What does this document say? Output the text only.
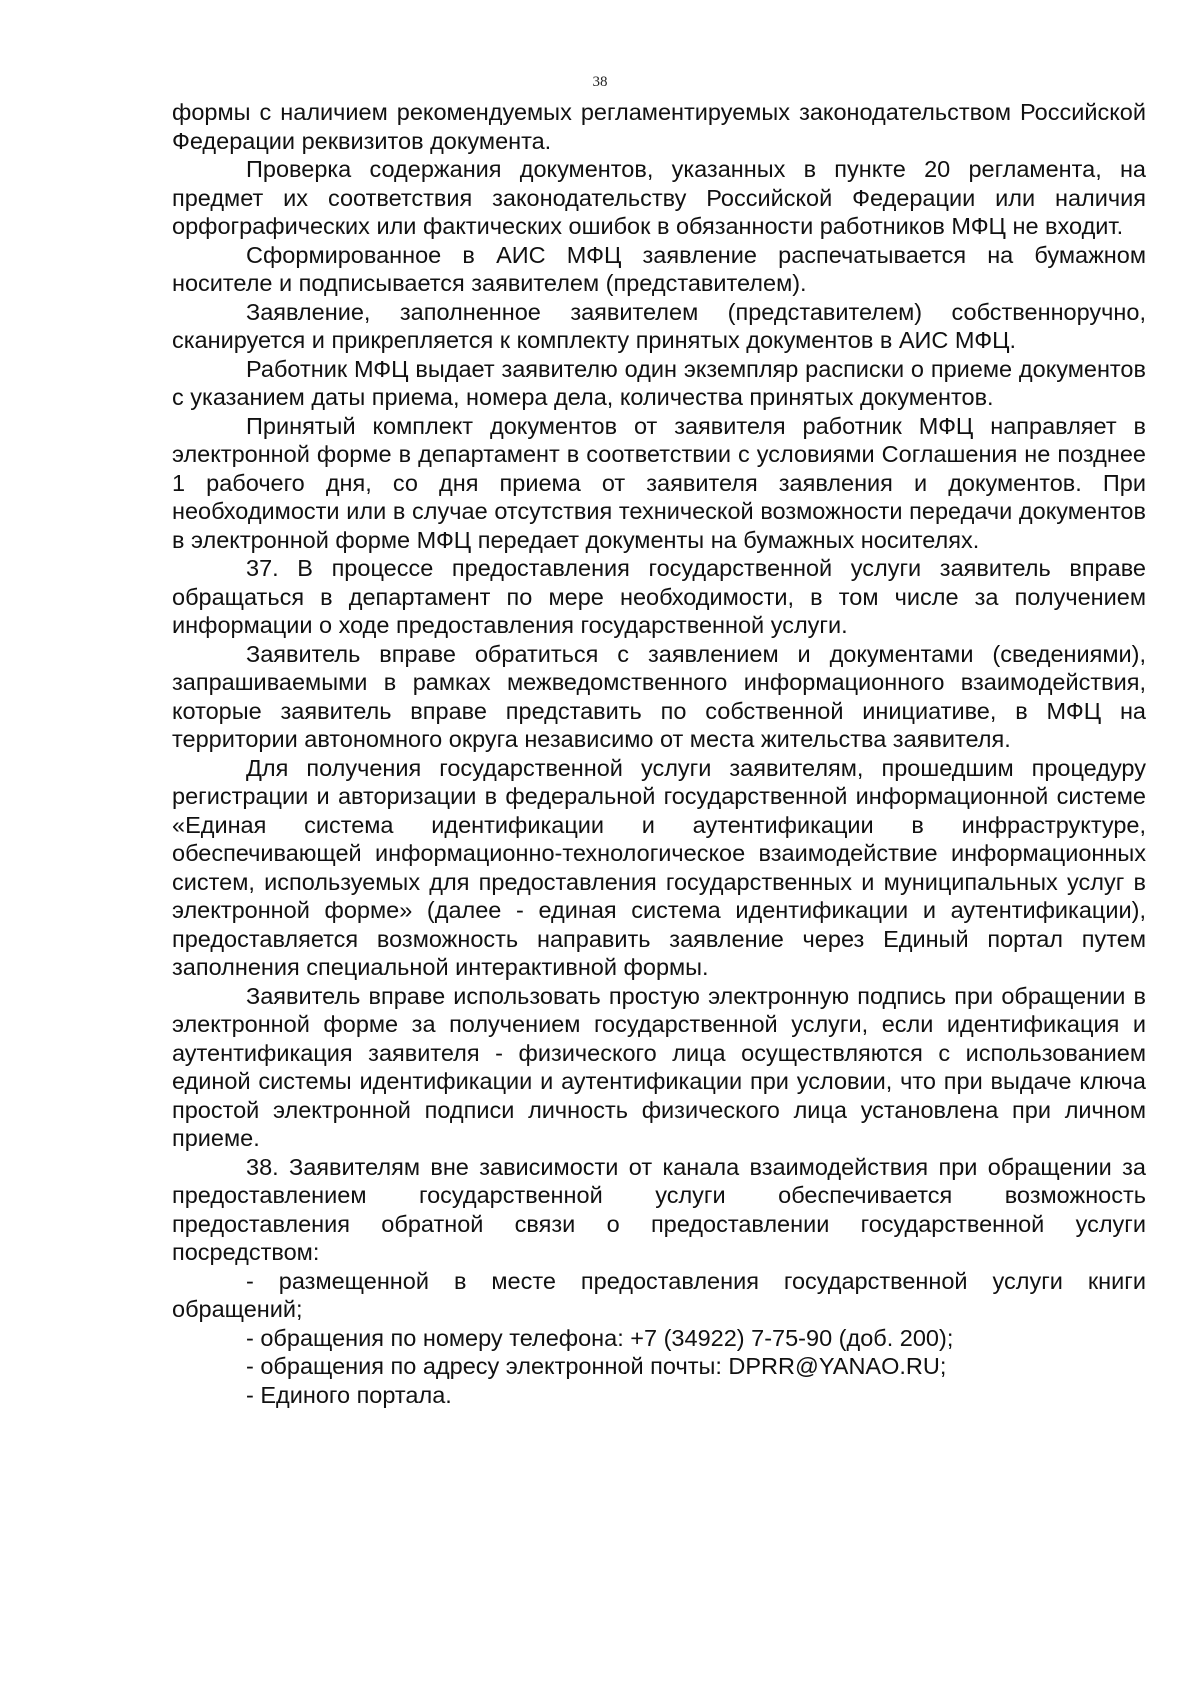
38

формы с наличием рекомендуемых регламентируемых законодательством Российской Федерации реквизитов документа.

Проверка содержания документов, указанных в пункте 20 регламента, на предмет их соответствия законодательству Российской Федерации или наличия орфографических или фактических ошибок в обязанности работников МФЦ не входит.

Сформированное в АИС МФЦ заявление распечатывается на бумажном носителе и подписывается заявителем (представителем).

Заявление, заполненное заявителем (представителем) собственноручно, сканируется и прикрепляется к комплекту принятых документов в АИС МФЦ.

Работник МФЦ выдает заявителю один экземпляр расписки о приеме документов с указанием даты приема, номера дела, количества принятых документов.

Принятый комплект документов от заявителя работник МФЦ направляет в электронной форме в департамент в соответствии с условиями Соглашения не позднее 1 рабочего дня, со дня приема от заявителя заявления и документов. При необходимости или в случае отсутствия технической возможности передачи документов в электронной форме МФЦ передает документы на бумажных носителях.

37. В процессе предоставления государственной услуги заявитель вправе обращаться в департамент по мере необходимости, в том числе за получением информации о ходе предоставления государственной услуги.

Заявитель вправе обратиться с заявлением и документами (сведениями), запрашиваемыми в рамках межведомственного информационного взаимодействия, которые заявитель вправе представить по собственной инициативе, в МФЦ на территории автономного округа независимо от места жительства заявителя.

Для получения государственной услуги заявителям, прошедшим процедуру регистрации и авторизации в федеральной государственной информационной системе «Единая система идентификации и аутентификации в инфраструктуре, обеспечивающей информационно-технологическое взаимодействие информационных систем, используемых для предоставления государственных и муниципальных услуг в электронной форме» (далее - единая система идентификации и аутентификации), предоставляется возможность направить заявление через Единый портал путем заполнения специальной интерактивной формы.

Заявитель вправе использовать простую электронную подпись при обращении в электронной форме за получением государственной услуги, если идентификация и аутентификация заявителя - физического лица осуществляются с использованием единой системы идентификации и аутентификации при условии, что при выдаче ключа простой электронной подписи личность физического лица установлена при личном приеме.

38. Заявителям вне зависимости от канала взаимодействия при обращении за предоставлением государственной услуги обеспечивается возможность предоставления обратной связи о предоставлении государственной услуги посредством:

- размещенной в месте предоставления государственной услуги книги обращений;

- обращения по номеру телефона: +7 (34922) 7-75-90 (доб. 200);

- обращения по адресу электронной почты: DPRR@YANAO.RU;

- Единого портала.
